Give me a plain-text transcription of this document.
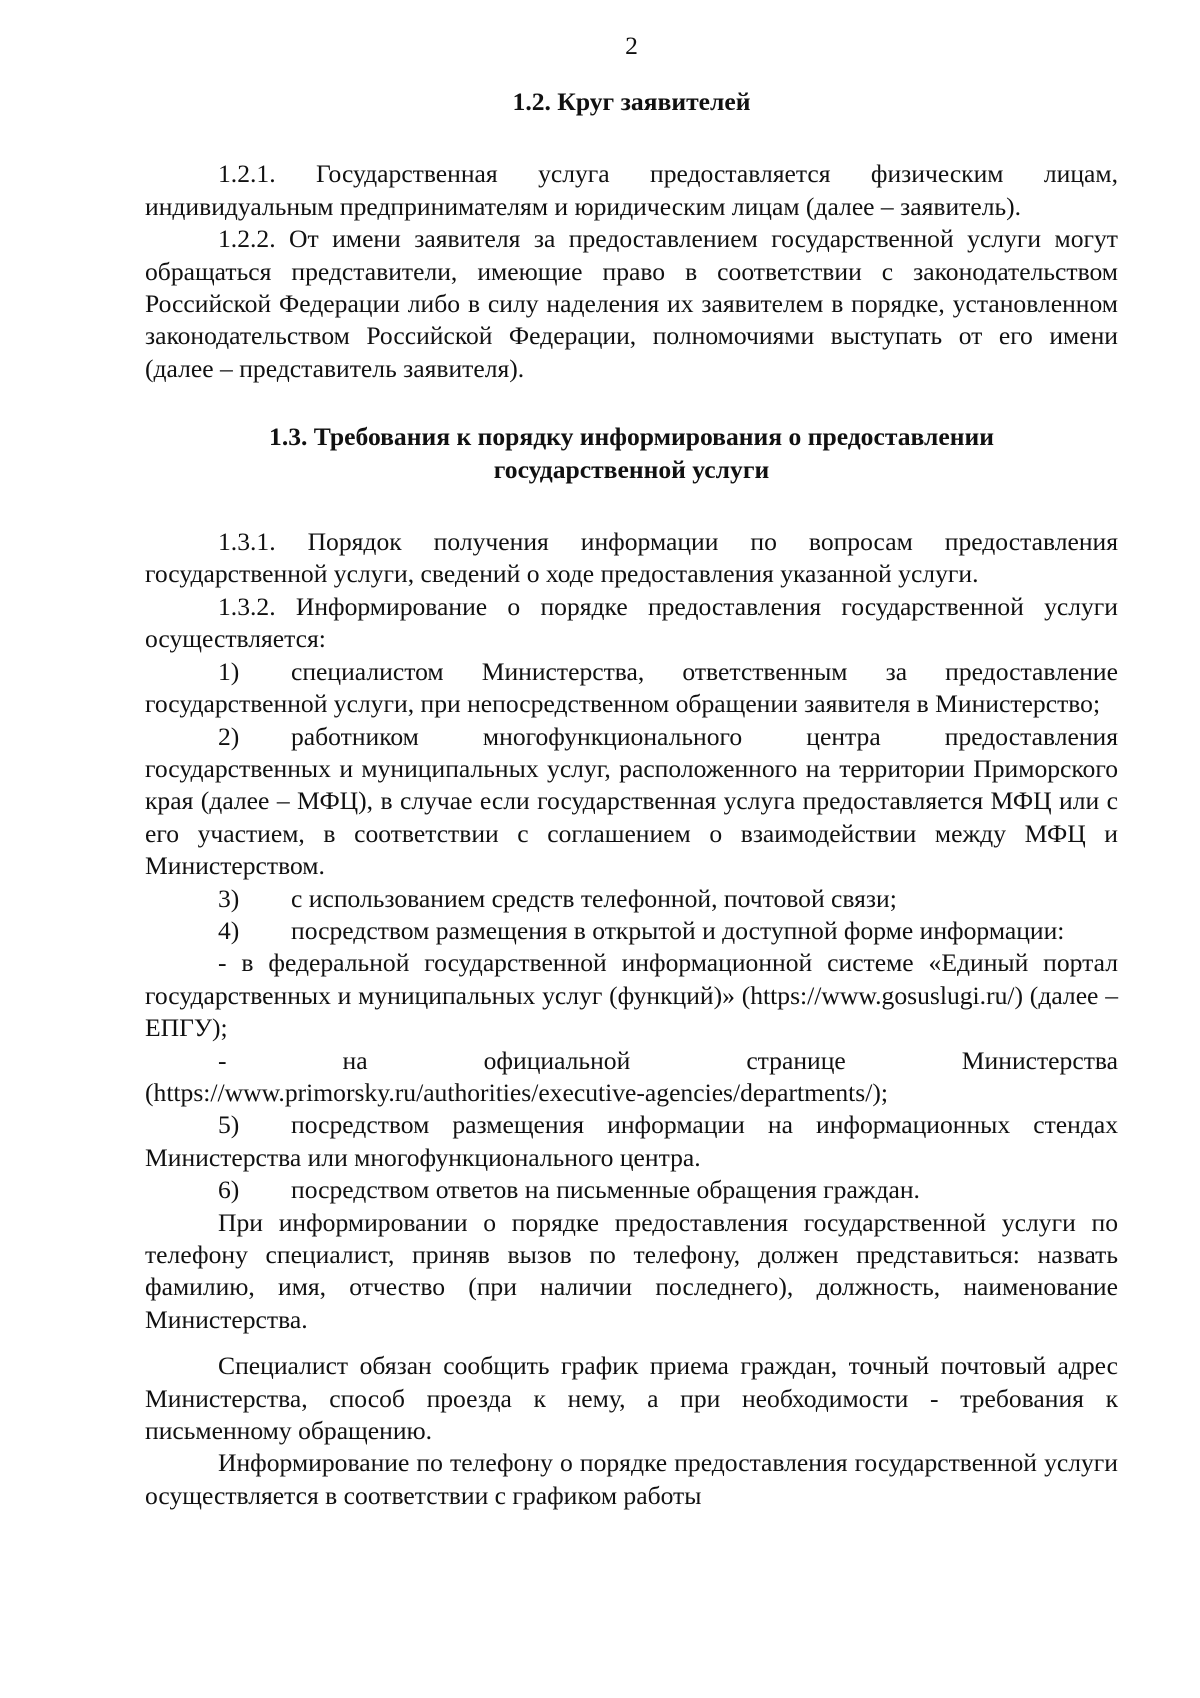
2
1.2. Круг заявителей

1.2.1. Государственная услуга предоставляется физическим лицам, индивидуальным предпринимателям и юридическим лицам (далее – заявитель).

1.2.2. От имени заявителя за предоставлением государственной услуги могут обращаться представители, имеющие право в соответствии с законодательством Российской Федерации либо в силу наделения их заявителем в порядке, установленном законодательством Российской Федерации, полномочиями выступать от его имени (далее – представитель заявителя).

1.3. Требования к порядку информирования о предоставлении
государственной услуги

1.3.1. Порядок получения информации по вопросам предоставления государственной услуги, сведений о ходе предоставления указанной услуги.

1.3.2. Информирование о порядке предоставления государственной услуги осуществляется:

1) специалистом Министерства, ответственным за предоставление государственной услуги, при непосредственном обращении заявителя в Министерство;

2) работником многофункционального центра предоставления государственных и муниципальных услуг, расположенного на территории Приморского края (далее – МФЦ), в случае если государственная услуга предоставляется МФЦ или с его участием, в соответствии с соглашением о взаимодействии между МФЦ и Министерством.

3) с использованием средств телефонной, почтовой связи;

4) посредством размещения в открытой и доступной форме информации:

- в федеральной государственной информационной системе «Единый портал государственных и муниципальных услуг (функций)» (https://www.gosuslugi.ru/) (далее – ЕПГУ);

- на официальной странице Министерства (https://www.primorsky.ru/authorities/executive-agencies/departments/);

5) посредством размещения информации на информационных стендах Министерства или многофункционального центра.

6) посредством ответов на письменные обращения граждан.

При информировании о порядке предоставления государственной услуги по телефону специалист, приняв вызов по телефону, должен представиться: назвать фамилию, имя, отчество (при наличии последнего), должность, наименование Министерства.

Специалист обязан сообщить график приема граждан, точный почтовый адрес Министерства, способ проезда к нему, а при необходимости - требования к письменному обращению.

Информирование по телефону о порядке предоставления государственной услуги осуществляется в соответствии с графиком работы
